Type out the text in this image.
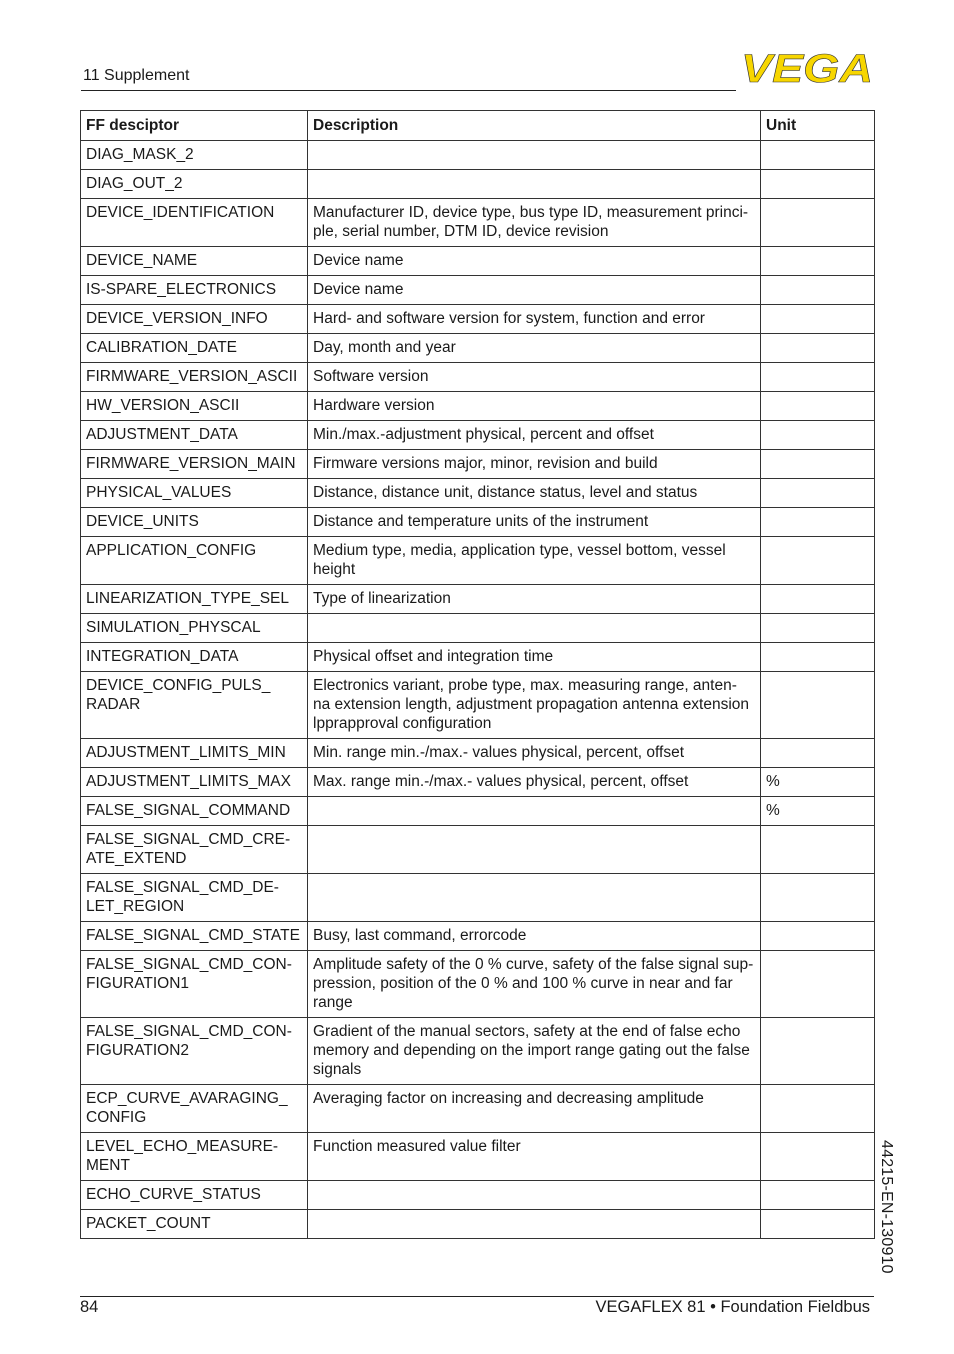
11 Supplement	VEGA
FF desciptor	Description	Unit
DIAG_MASK_2		
DIAG_OUT_2		
DEVICE_IDENTIFICATION	Manufacturer ID, device type, bus type ID, measurement princi-
ple, serial number, DTM ID, device revision	
DEVICE_NAME	Device name	
IS-SPARE_ELECTRONICS	Device name	
DEVICE_VERSION_INFO	Hard- and software version for system, function and error	
CALIBRATION_DATE	Day, month and year	
FIRMWARE_VERSION_ASCII	Software version	
HW_VERSION_ASCII	Hardware version	
ADJUSTMENT_DATA	Min./max.-adjustment physical, percent and offset	
FIRMWARE_VERSION_MAIN	Firmware versions major, minor, revision and build	
PHYSICAL_VALUES	Distance, distance unit, distance status, level and status	
DEVICE_UNITS	Distance and temperature units of the instrument	
APPLICATION_CONFIG	Medium type, media, application type, vessel bottom, vessel
height	
LINEARIZATION_TYPE_SEL	Type of linearization	
SIMULATION_PHYSCAL		
INTEGRATION_DATA	Physical offset and integration time	
DEVICE_CONFIG_PULS_
RADAR	Electronics variant, probe type, max. measuring range, anten-
na extension length, adjustment propagation antenna extension
lpprapproval configuration	
ADJUSTMENT_LIMITS_MIN	Min. range min.-/max.- values physical, percent, offset	
ADJUSTMENT_LIMITS_MAX	Max. range min.-/max.- values physical, percent, offset	%
FALSE_SIGNAL_COMMAND		%
FALSE_SIGNAL_CMD_CRE-
ATE_EXTEND		
FALSE_SIGNAL_CMD_DE-
LET_REGION		
FALSE_SIGNAL_CMD_STATE	Busy, last command, errorcode	
FALSE_SIGNAL_CMD_CON-
FIGURATION1	Amplitude safety of the 0 % curve, safety of the false signal sup-
pression, position of the 0 % and 100 % curve in near and far
range	
FALSE_SIGNAL_CMD_CON-
FIGURATION2	Gradient of the manual sectors, safety at the end of false echo
memory and depending on the import range gating out the false
signals	
ECP_CURVE_AVARAGING_
CONFIG	Averaging factor on increasing and decreasing amplitude	
LEVEL_ECHO_MEASURE-
MENT	Function measured value filter	
ECHO_CURVE_STATUS		
PACKET_COUNT			44215-EN-130910
84	VEGAFLEX 81 • Foundation Fieldbus
